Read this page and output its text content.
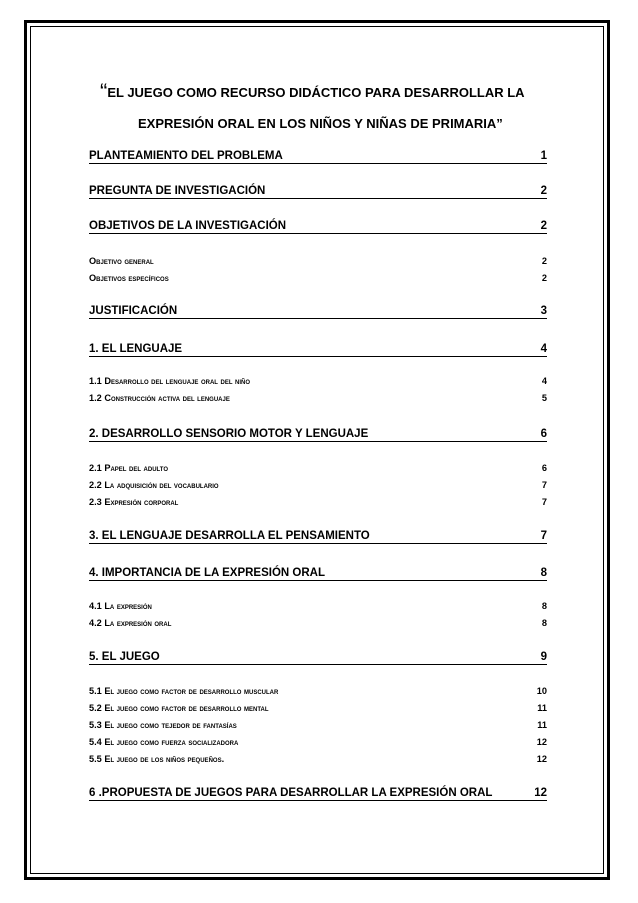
“EL JUEGO COMO RECURSO DIDÁCTICO PARA DESARROLLAR LA
EXPRESIÓN ORAL EN LOS NIÑOS Y NIÑAS DE PRIMARIA”
PLANTEAMIENTO DEL PROBLEMA	1
PREGUNTA DE INVESTIGACIÓN	2
OBJETIVOS DE LA INVESTIGACIÓN	2
Objetivo general	2
Objetivos específicos	2
JUSTIFICACIÓN	3
1. EL LENGUAJE	4
1.1 Desarrollo del lenguaje oral del niño	4
1.2 Construcción activa del lenguaje	5
2. DESARROLLO SENSORIO MOTOR Y LENGUAJE	6
2.1 Papel del adulto	6
2.2 La adquisición del vocabulario	7
2.3 Expresión corporal	7
3. EL LENGUAJE DESARROLLA EL PENSAMIENTO	7
4. IMPORTANCIA DE LA EXPRESIÓN ORAL	8
4.1 La expresión	8
4.2 La expresión oral	8
5. EL JUEGO	9
5.1 El juego como factor de desarrollo muscular	10
5.2 El juego como factor de desarrollo mental	11
5.3 El juego como tejedor de fantasías	11
5.4 El juego como fuerza socializadora	12
5.5 El juego de los niños pequeños.	12
6 .PROPUESTA DE JUEGOS PARA DESARROLLAR LA EXPRESIÓN ORAL	12
